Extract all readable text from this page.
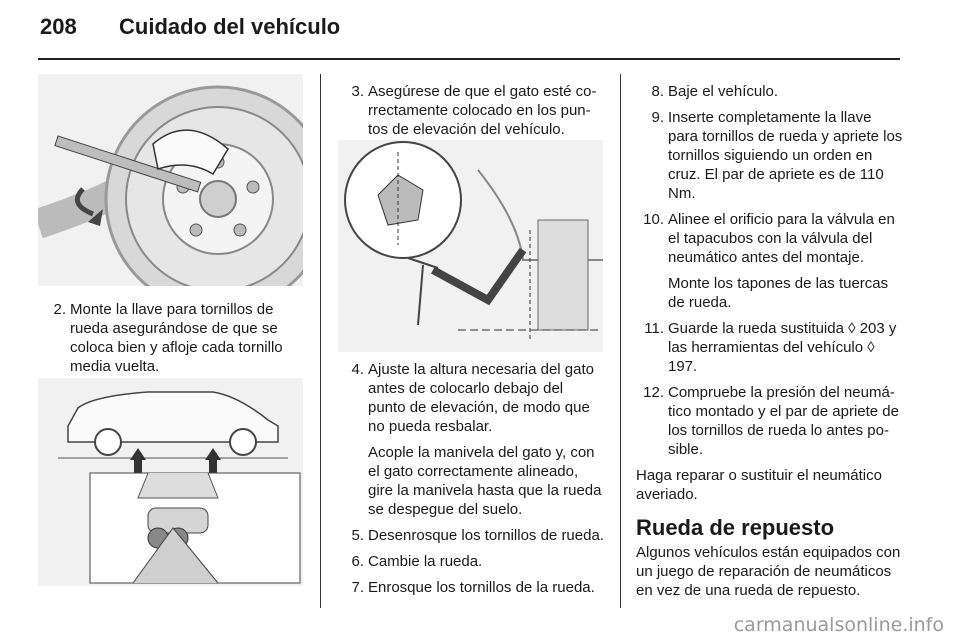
208 Cuidado del vehículo
2. Monte la llave para tornillos de rueda asegurándose de que se coloca bien y afloje cada tornillo media vuelta.
3. Asegúrese de que el gato esté correctamente colocado en los puntos de elevación del vehículo.
4. Ajuste la altura necesaria del gato antes de colocarlo debajo del punto de elevación, de modo que no pueda resbalar.
Acople la manivela del gato y, con el gato correctamente alineado, gire la manivela hasta que la rueda se despegue del suelo.
5. Desenrosque los tornillos de rueda.
6. Cambie la rueda.
7. Enrosque los tornillos de la rueda.
8. Baje el vehículo.
9. Inserte completamente la llave para tornillos de rueda y apriete los tornillos siguiendo un orden en cruz. El par de apriete es de 110 Nm.
10. Alinee el orificio para la válvula en el tapacubos con la válvula del neumático antes del montaje.
Monte los tapones de las tuercas de rueda.
11. Guarde la rueda sustituida ◊ 203 y las herramientas del vehículo ◊ 197.
12. Compruebe la presión del neumático montado y el par de apriete de los tornillos de rueda lo antes posible.
Haga reparar o sustituir el neumático averiado.
Rueda de repuesto
Algunos vehículos están equipados con un juego de reparación de neumáticos en vez de una rueda de repuesto.
carmanualsonline.info
